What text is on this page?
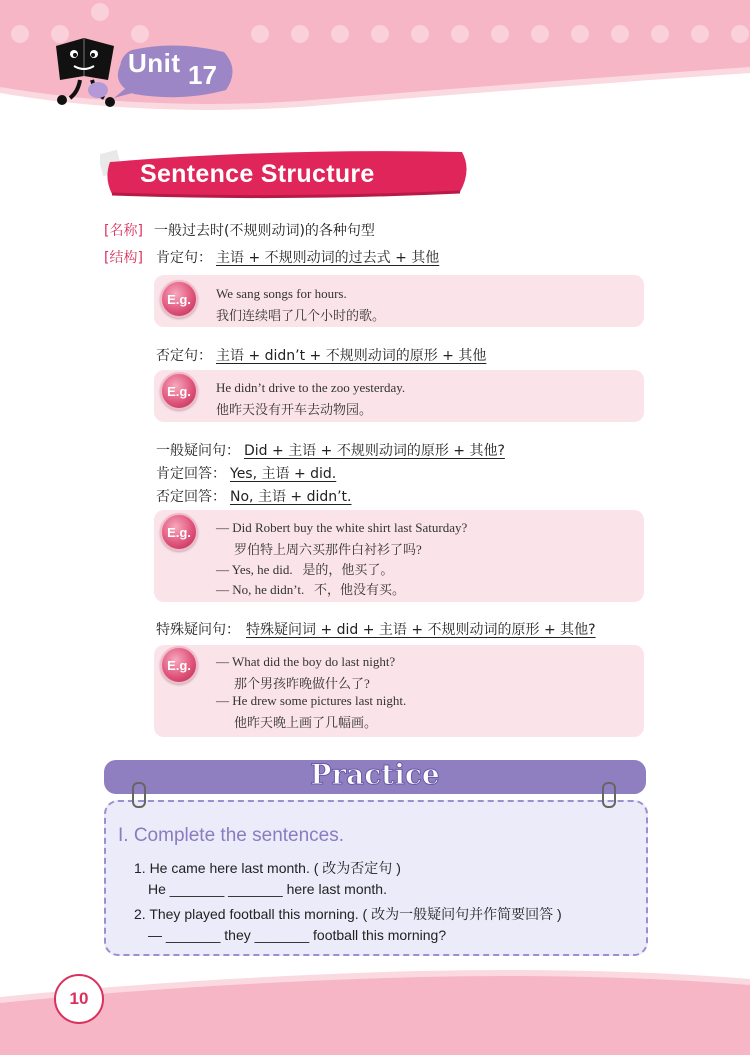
Unit 17
Sentence Structure
[名称] 一般过去时(不规则动词)的各种句型
[结构] 肯定句： 主语 + 不规则动词的过去式 + 其他
E.g.	We sang songs for hours.
我们连续唱了几个小时的歌。
否定句： 主语 + didn’t + 不规则动词的原形 + 其他
E.g.	He didn’t drive to the zoo yesterday.
他昨天没有开车去动物园。
一般疑问句： Did + 主语 + 不规则动词的原形 + 其他?
肯定回答： Yes, 主语 + did.
否定回答： No, 主语 + didn’t.
E.g.	— Did Robert buy the white shirt last Saturday?
罗伯特上周六买那件白衬衫了吗?
— Yes, he did.   是的，他买了。
— No, he didn’t.   不，他没有买。
特殊疑问句： 特殊疑问词 + did + 主语 + 不规则动词的原形 + 其他?
E.g.	— What did the boy do last night?
那个男孩昨晚做什么了?
— He drew some pictures last night.
他昨天晚上画了几幅画。
Practice
I. Complete the sentences.
1. He came here last month. ( 改为否定句 )
He _______ _______ here last month.
2. They played football this morning. ( 改为一般疑问句并作简要回答 )
— _______ they _______ football this morning?
10
